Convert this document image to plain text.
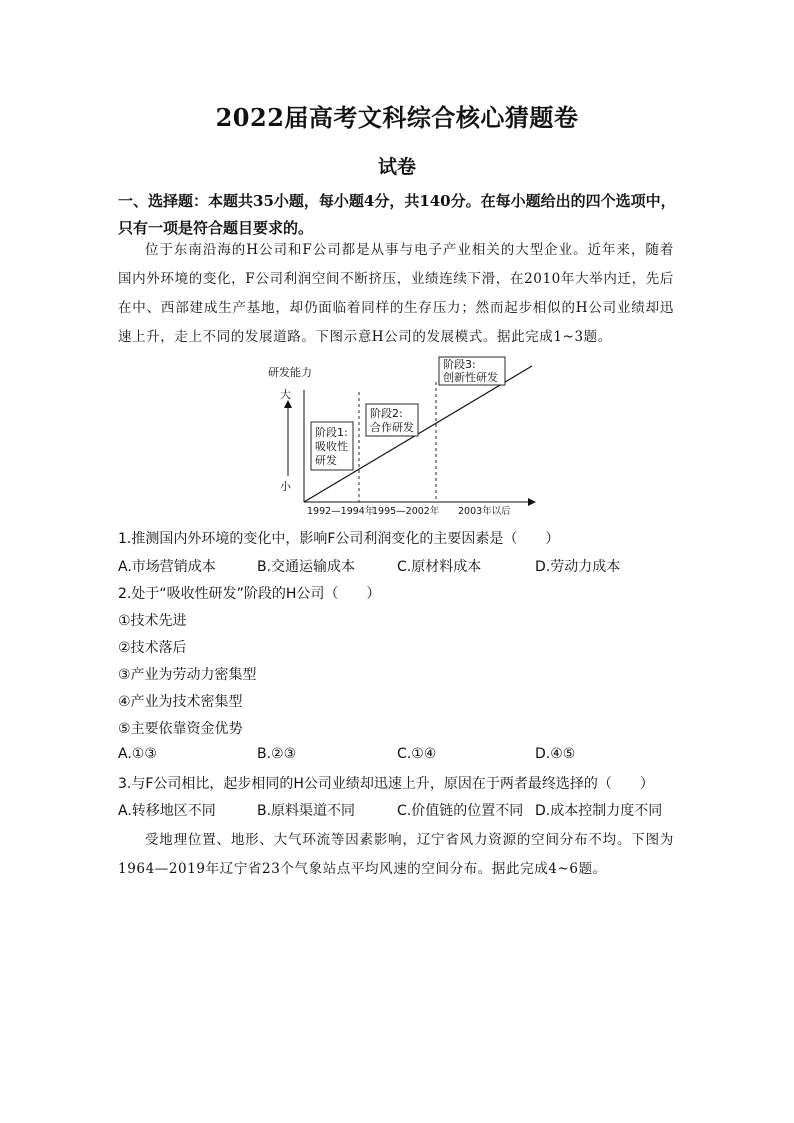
2022届高考文科综合核心猜题卷
试卷
一、选择题：本题共35小题，每小题4分，共140分。在每小题给出的四个选项中，只有一项是符合题目要求的。
位于东南沿海的H公司和F公司都是从事与电子产业相关的大型企业。近年来，随着国内外环境的变化，F公司利润空间不断挤压，业绩连续下滑，在2010年大举内迁，先后在中、西部建成生产基地，却仍面临着同样的生存压力；然而起步相似的H公司业绩却迅速上升，走上不同的发展道路。下图示意H公司的发展模式。据此完成1~3题。
研发能力
大
小
阶段1:
吸收性
研发
阶段2:
合作研发
阶段3:
创新性研发
1992—1994年
1995—2002年 2003年以后
1.推测国内外环境的变化中，影响F公司利润变化的主要因素是（　　）
A.市场营销成本	B.交通运输成本	C.原材料成本	D.劳动力成本
2.处于“吸收性研发”阶段的H公司（　　）
①技术先进
②技术落后
③产业为劳动力密集型
④产业为技术密集型
⑤主要依靠资金优势
A.①③	B.②③	C.①④	D.④⑤
3.与F公司相比，起步相同的H公司业绩却迅速上升，原因在于两者最终选择的（　　）
A.转移地区不同	B.原料渠道不同	C.价值链的位置不同 D.成本控制力度不同
受地理位置、地形、大气环流等因素影响，辽宁省风力资源的空间分布不均。下图为1964—2019年辽宁省23个气象站点平均风速的空间分布。据此完成4~6题。
